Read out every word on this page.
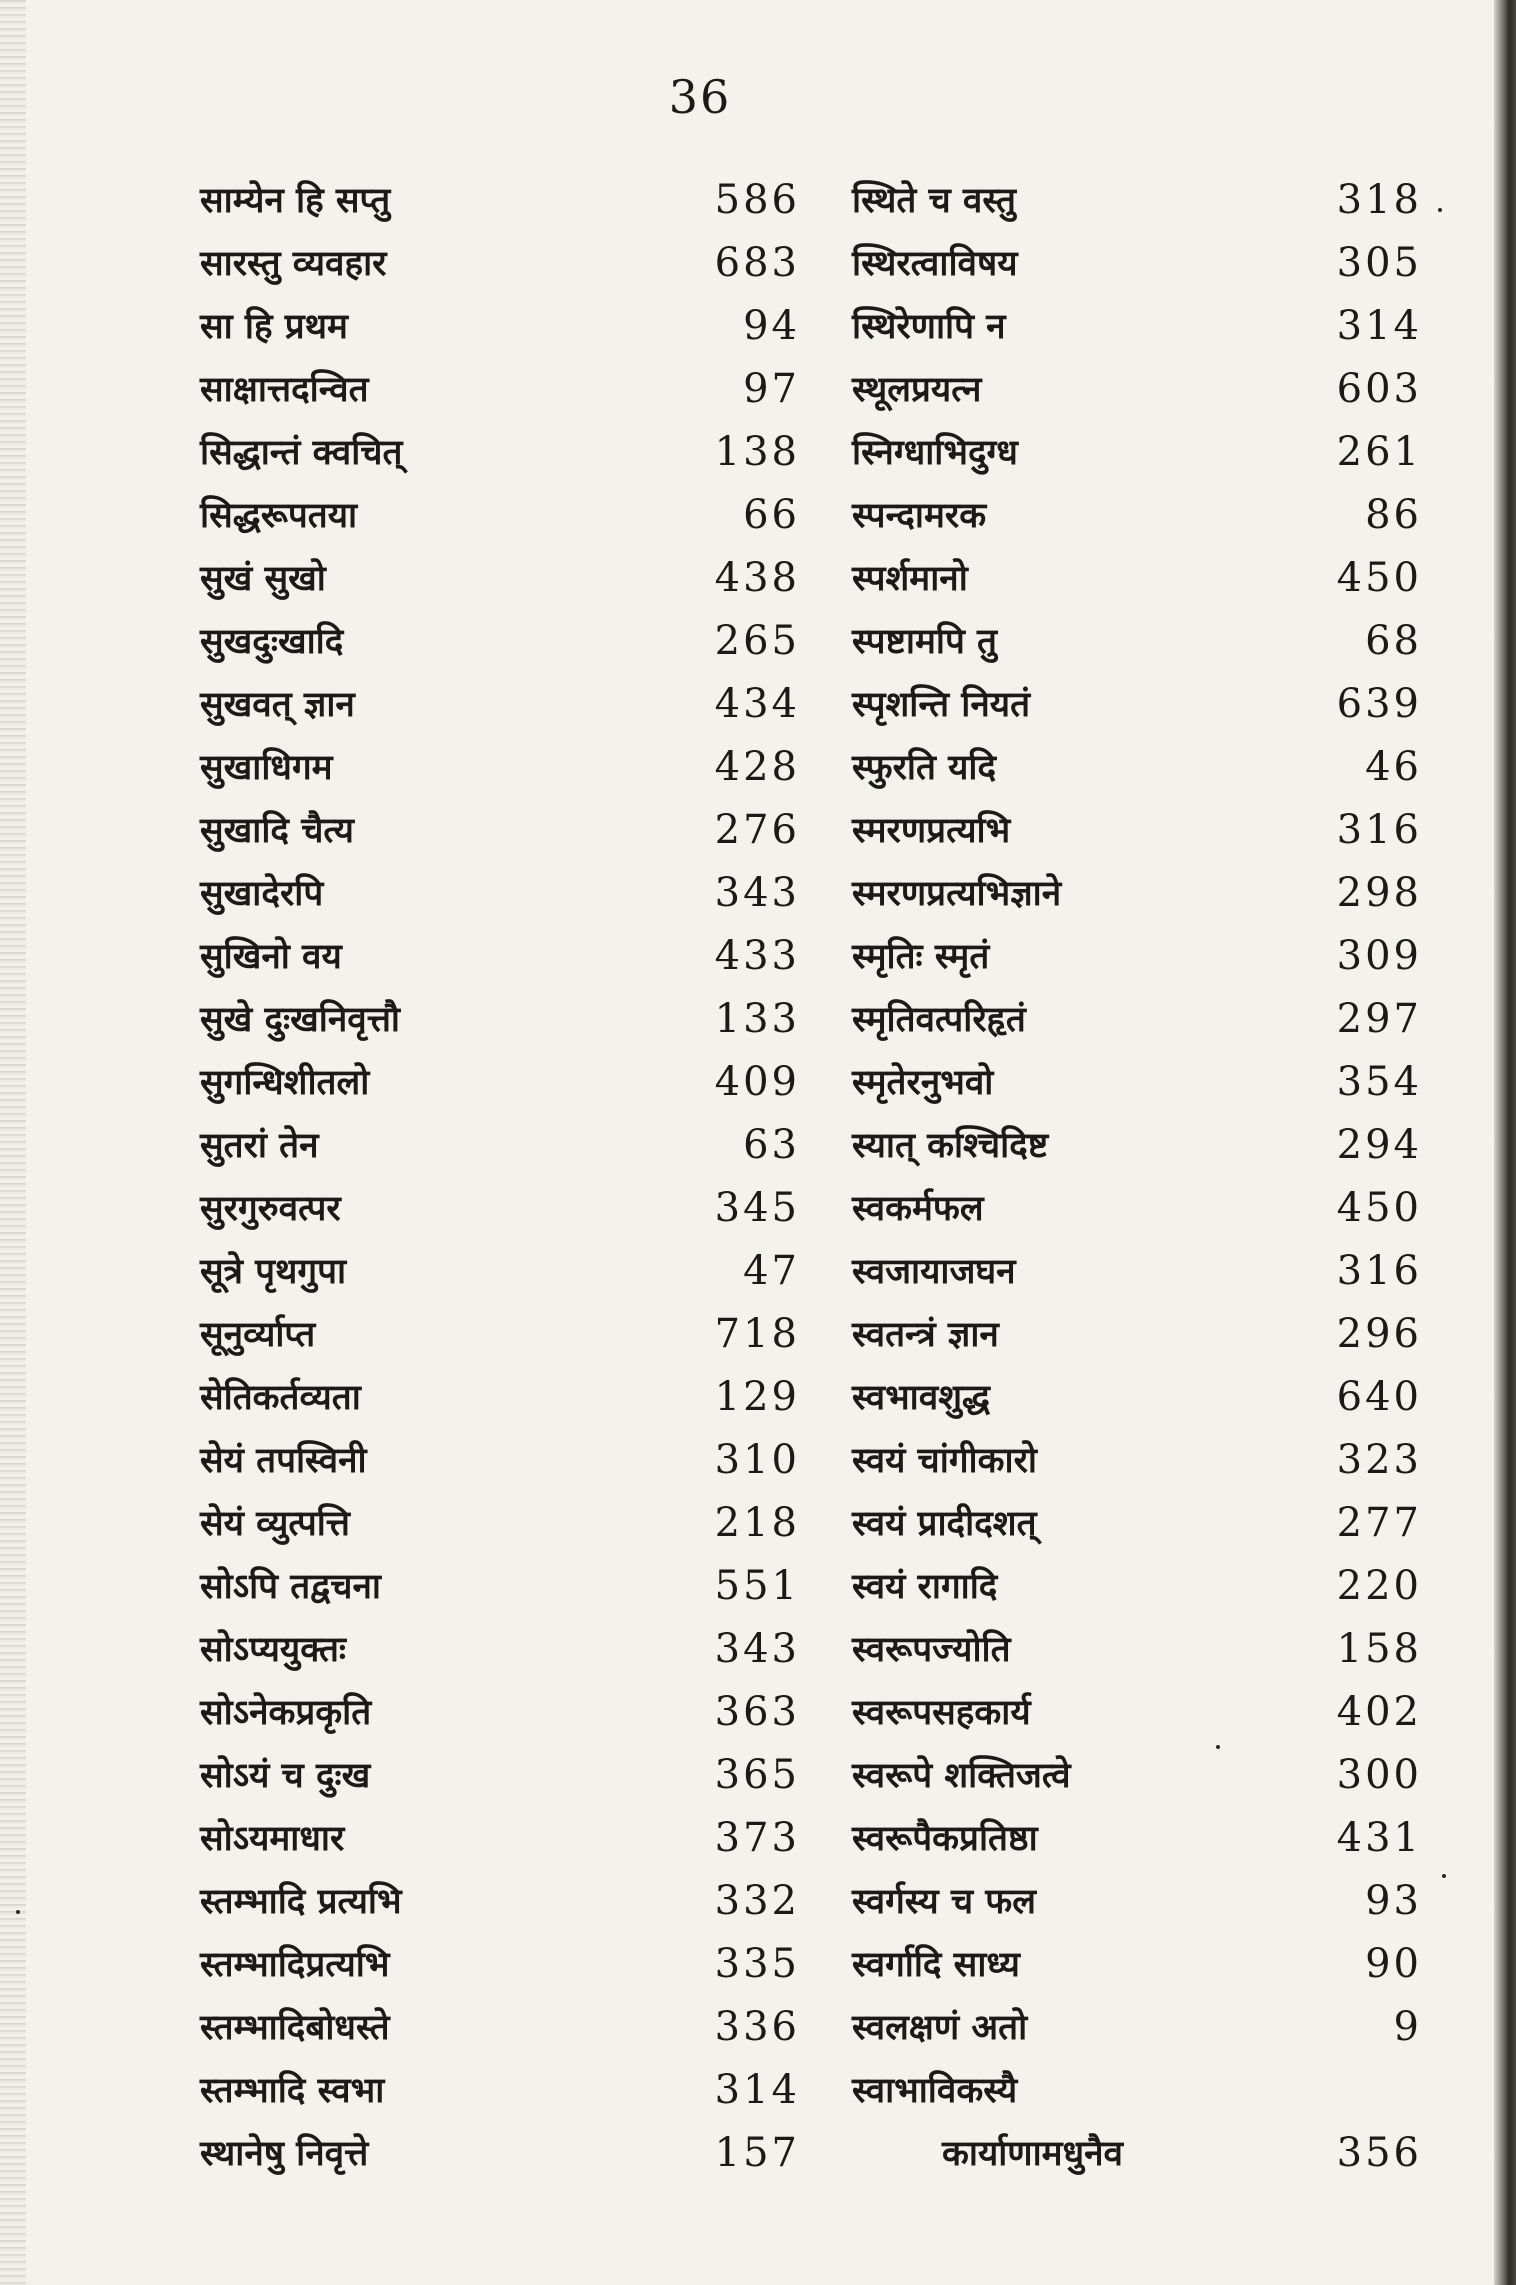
36
साम्येन हि सप्तु	586
सारस्तु व्यवहार	683
सा हि प्रथम	94
साक्षात्तदन्वित	97
सिद्धान्तं क्वचित्	138
सिद्धरूपतया	66
सुखं सुखो	438
सुखदुःखादि	265
सुखवत् ज्ञान	434
सुखाधिगम	428
सुखादि चैत्य	276
सुखादेरपि	343
सुखिनो वय	433
सुखे दुःखनिवृत्तौ	133
सुगन्धिशीतलो	409
सुतरां तेन	63
सुरगुरुवत्पर	345
सूत्रे पृथगुपा	47
सूनुर्व्याप्त	718
सेतिकर्तव्यता	129
सेयं तपस्विनी	310
सेयं व्युत्पत्ति	218
सोऽपि तद्वचना	551
सोऽप्ययुक्तः	343
सोऽनेकप्रकृति	363
सोऽयं च दुःख	365
सोऽयमाधार	373
स्तम्भादि प्रत्यभि	332
स्तम्भादिप्रत्यभि	335
स्तम्भादिबोधस्ते	336
स्तम्भादि स्वभा	314
स्थानेषु निवृत्ते	157
स्थिते च वस्तु	318
स्थिरत्वाविषय	305
स्थिरेणापि न	314
स्थूलप्रयत्न	603
स्निग्धाभिदुग्ध	261
स्पन्दामरक	86
स्पर्शमानो	450
स्पष्टामपि तु	68
स्पृशन्ति नियतं	639
स्फुरति यदि	46
स्मरणप्रत्यभि	316
स्मरणप्रत्यभिज्ञाने	298
स्मृतिः स्मृतं	309
स्मृतिवत्परिहृतं	297
स्मृतेरनुभवो	354
स्यात् कश्चिदिष्ट	294
स्वकर्मफल	450
स्वजायाजघन	316
स्वतन्त्रं ज्ञान	296
स्वभावशुद्ध	640
स्वयं चांगीकारो	323
स्वयं प्रादीदशत्	277
स्वयं रागादि	220
स्वरूपज्योति	158
स्वरूपसहकार्य	402
स्वरूपे शक्तिजत्वे	300
स्वरूपैकप्रतिष्ठा	431
स्वर्गस्य च फल	93
स्वर्गादि साध्य	90
स्वलक्षणं अतो	9
स्वाभाविकस्यै
कार्याणामधुनैव	356
